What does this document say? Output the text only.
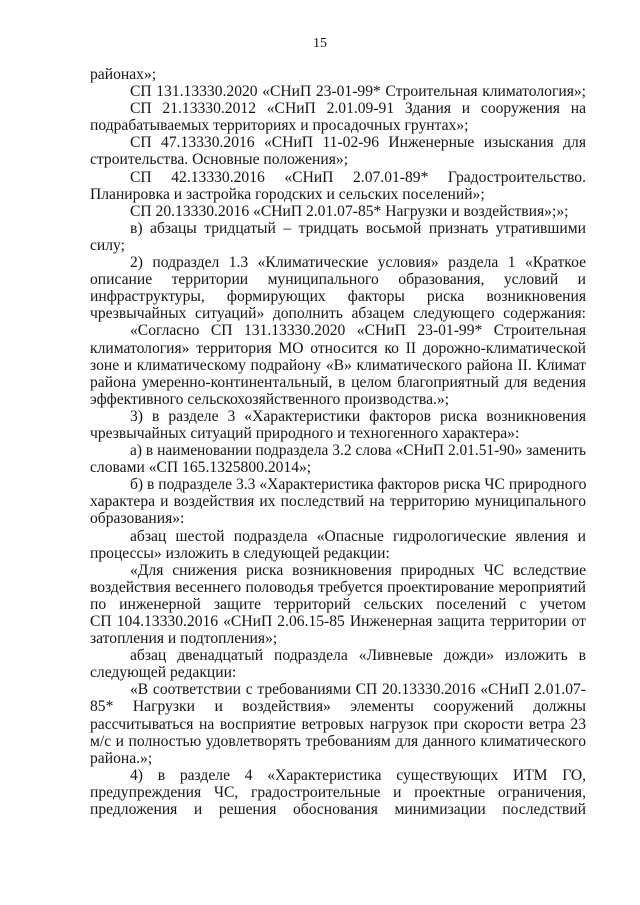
15
районах»;
СП 131.13330.2020 «СНиП 23-01-99* Строительная климатология»;
СП 21.13330.2012 «СНиП 2.01.09-91 Здания и сооружения на
подрабатываемых территориях и просадочных грунтах»;
СП 47.13330.2016 «СНиП 11-02-96 Инженерные изыскания для
строительства. Основные положения»;
СП 42.13330.2016 «СНиП 2.07.01-89* Градостроительство.
Планировка и застройка городских и сельских поселений»;
СП 20.13330.2016 «СНиП 2.01.07-85* Нагрузки и воздействия»;»;
в) абзацы тридцатый – тридцать восьмой признать утратившими
силу;
2) подраздел 1.3 «Климатические условия» раздела 1 «Краткое
описание территории муниципального образования, условий и
инфраструктуры, формирующих факторы риска возникновения
чрезвычайных ситуаций» дополнить абзацем следующего содержания:
«Согласно СП 131.13330.2020 «СНиП 23-01-99* Строительная
климатология» территория МО относится ко II дорожно-климатической
зоне и климатическому подрайону «В» климатического района II. Климат
района умеренно-континентальный, в целом благоприятный для ведения
эффективного сельскохозяйственного производства.»;
3) в разделе 3 «Характеристики факторов риска возникновения
чрезвычайных ситуаций природного и техногенного характера»:
а) в наименовании подраздела 3.2 слова «СНиП 2.01.51-90» заменить
словами «СП 165.1325800.2014»;
б) в подразделе 3.3 «Характеристика факторов риска ЧС природного
характера и воздействия их последствий на территорию муниципального
образования»:
абзац шестой подраздела «Опасные гидрологические явления и
процессы» изложить в следующей редакции:
«Для снижения риска возникновения природных ЧС вследствие
воздействия весеннего половодья требуется проектирование мероприятий
по инженерной защите территорий сельских поселений с учетом
СП 104.13330.2016 «СНиП 2.06.15-85 Инженерная защита территории от
затопления и подтопления»;
абзац двенадцатый подраздела «Ливневые дожди» изложить в
следующей редакции:
«В соответствии с требованиями СП 20.13330.2016 «СНиП 2.01.07-
85* Нагрузки и воздействия» элементы сооружений должны
рассчитываться на восприятие ветровых нагрузок при скорости ветра 23
м/с и полностью удовлетворять требованиям для данного климатического
района.»;
4) в разделе 4 «Характеристика существующих ИТМ ГО,
предупреждения ЧС, градостроительные и проектные ограничения,
предложения и решения обоснования минимизации последствий
